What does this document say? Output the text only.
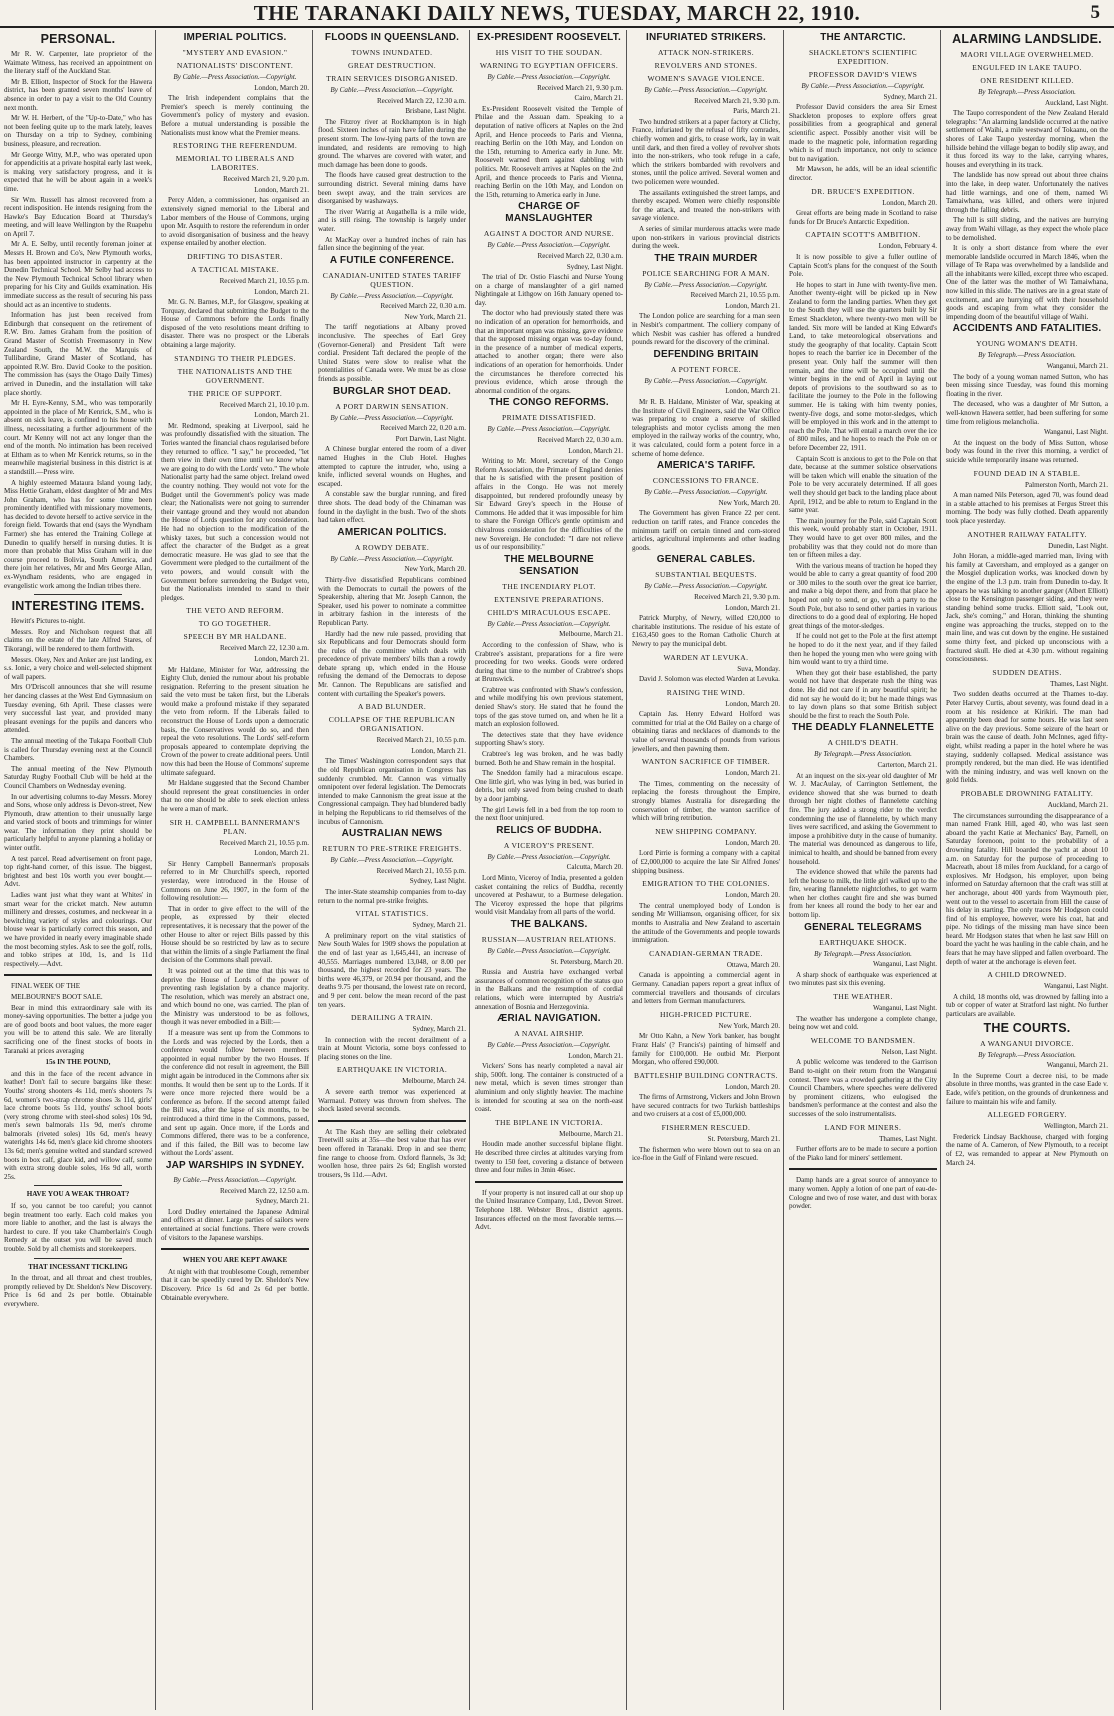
THE TARANAKI DAILY NEWS, TUESDAY, MARCH 22, 1910.	5
PERSONAL.

Mr R. W. Carpenter, late proprietor of the Waimate Witness, has received an appointment on the literary staff of the Auckland Star.

Mr B. Elliott, Inspector of Stock for the Hawera district, has been granted seven months' leave of absence in order to pay a visit to the Old Country next month.

Mr W. H. Herbert, of the "Up-to-Date," who has not been feeling quite up to the mark lately, leaves on Thursday on a trip to Sydney, combining business, pleasure, and recreation.

Mr George Witty, M.P., who was operated upon for appendicitis at a private hospital early last week, is making very satisfactory progress, and it is expected that he will be about again in a week's time.

Sir Wm. Russell has almost recovered from a recent indisposition. He intends resigning from the Hawke's Bay Education Board at Thursday's meeting, and will leave Wellington by the Ruapehu on April 7.

Mr A. E. Selby, until recently foreman joiner at Messrs H. Brown and Co's, New Plymouth works, has been appointed instructor in carpentry at the Dunedin Technical School. Mr Selby had access to the New Plymouth Technical School library when preparing for his City and Guilds examination. His immediate success as the result of securing his pass should act as an incentive to students.

Information has just been received from Edinburgh that consequent on the retirement of R.W. Bro. James Graham from the position of Grand Master of Scottish Freemasonry in New Zealand South, the M.W. the Marquis of Tullibardine, Grand Master of Scotland, has appointed R.W. Bro. David Cooke to the position. The commission has (says the Otago Daily Times) arrived in Dunedin, and the installation will take place shortly.

Mr H. Eyre-Kenny, S.M., who was temporarily appointed in the place of Mr Kenrick, S.M., who is absent on sick leave, is confined to his house with illness, necessitating a further adjournment of the court. Mr Kenny will not act any longer than the end of the month. No intimation has been received at Eltham as to when Mr Kenrick returns, so in the meanwhile magisterial business in this district is at a standstill.—Press wire.

A highly esteemed Mataura Island young lady, Miss Hettie Graham, eldest daughter of Mr and Mrs John Graham, who has for some time been prominently identified with missionary movements, has decided to devote herself to active service in the foreign field. Towards that end (says the Wyndham Farmer) she has entered the Training College at Dunedin to qualify herself in nursing duties. It is more than probable that Miss Graham will in due course proceed to Bolivia, South America, and there join her relatives, Mr and Mrs George Allan, ex-Wyndham residents, who are engaged in evangelistic work among the Indian tribes there.

INTERESTING ITEMS.

Hewitt's Pictures to-night.

Messrs. Roy and Nicholson request that all claims on the estate of the late Alfred Stares, of Tikorangi, will be rendered to them forthwith.

Messrs. Okey, Nex and Anker are just landing, ex s.s. Ionic, a very choice and well-selected shipment of wall papers.

Mrs O'Driscoll announces that she will resume her dancing classes at the West End Gymnasium on Tuesday evening, 6th April. These classes were very successful last year, and provided many pleasant evenings for the pupils and dancers who attended.

The annual meeting of the Tukapa Football Club is called for Thursday evening next at the Council Chambers.

The annual meeting of the New Plymouth Saturday Rugby Football Club will be held at the Council Chambers on Wednesday evening.

In our advertising columns to-day Messrs. Morey and Sons, whose only address is Devon-street, New Plymouth, draw attention to their unusually large and varied stock of boots and trimmings for winter wear. The information they print should be particularly helpful to anyone planning a holiday or winter outfit.

A test parcel. Read advertisement on front page, top right-hand corner, of this issue. The biggest, brightest and best 10s worth you ever bought.—Advt.

Ladies want just what they want at Whites' in smart wear for the cricket match. New autumn millinery and dresses, costumes, and neckwear in a bewitching variety of styles and colourings. Our blouse wear is particularly correct this season, and we have provided in nearly every imaginable shade the most becoming styles. Ask to see the golf, rolls, and tobko stripes at 10d, 1s, and 1s 11d respectively.—Advt.

FINAL WEEK OF THE

MELBOURNE'S BOOT SALE.

Bear in mind this extraordinary sale with its money-saving opportunities. The better a judge you are of good boots and boot values, the more eager you will be to attend this sale. We are literally sacrificing one of the finest stocks of boots in Taranaki at prices averaging

15s IN THE POUND,

and this in the face of the recent advance in leather! Don't fail to secure bargains like these: Youths' strong shooters 4s 11d, men's shooters 7s 6d, women's two-strap chrome shoes 3s 11d, girls' lace chrome boots 5s 11d, youths' school boots (very strong chrome with steel-shod soles) 10s 9d, men's sewn balmorals 11s 9d, men's chrome balmorals (riveted soles) 10s 6d, men's heavy waterights 14s 6d, men's glace kid chrome shooters 13s 6d; men's genuine welted and standard screwed boots in box calf, glace kid, and willow calf, some with extra strong double soles, 16s 9d all, worth 25s.

HAVE YOU A WEAK THROAT?

If so, you cannot be too careful; you cannot begin treatment too early. Each cold makes you more liable to another, and the last is always the hardest to cure. If you take Chamberlain's Cough Remedy at the outset you will be saved much trouble. Sold by all chemists and storekeepers.

THAT INCESSANT TICKLING

In the throat, and all throat and chest troubles, promptly relieved by Dr. Sheldon's New Discovery. Price 1s 6d and 2s per bottle. Obtainable everywhere.

IMPERIAL POLITICS.
"MYSTERY AND EVASION."
NATIONALISTS' DISCONTENT.

By Cable.—Press Association.—Copyright.

London, March 20.

The Irish independent complains that the Premier's speech is merely continuing the Government's policy of mystery and evasion. Before a mutual understanding is possible the Nationalists must know what the Premier means.

RESTORING THE REFERENDUM.
MEMORIAL TO LIBERALS AND LABORITES.

Received March 21, 9.20 p.m.

London, March 21.

Percy Alden, a commissioner, has organised an extensively signed memorial to the Liberal and Labor members of the House of Commons, urging upon Mr. Asquith to restore the referendum in order to avoid disorganisation of business and the heavy expense entailed by another election.

DRIFTING TO DISASTER.
A TACTICAL MISTAKE.

Received March 21, 10.55 p.m.

London, March 21.

Mr. G. N. Barnes, M.P., for Glasgow, speaking at Torquay, declared that submitting the Budget to the House of Commons before the Lords finally disposed of the veto resolutions meant drifting to disaster. There was no prospect or the Liberals obtaining a large majority.

STANDING TO THEIR PLEDGES.
THE NATIONALISTS AND THE GOVERNMENT.
THE PRICE OF SUPPORT.

Received March 21, 10.10 p.m.

London, March 21.

Mr. Redmond, speaking at Liverpool, said he was profoundly dissatisfied with the situation. The Tories wanted the financial chaos regularised before they returned to office. "I say," he proceeded, "let them view in their own time until we know what we are going to do with the Lords' veto." The whole Nationalist party had the same object. Ireland owed the country nothing. They would not vote for the Budget until the Government's policy was made clear; the Nationalists were not going to surrender their vantage ground and they would not abandon the House of Lords question for any consideration. He had no objection to the modification of the whisky taxes, but such a concession would not affect the character of the Budget as a great democratic measure. He was glad to see that the Government were pledged to the curtailment of the veto powers, and would consult with the Government before surrendering the Budget veto, but the Nationalists intended to stand to their pledges.

THE VETO AND REFORM.
TO GO TOGETHER.
SPEECH BY MR HALDANE.

Received March 22, 12.30 a.m.

London, March 21.

Mr Haldane, Minister for War, addressing the Eighty Club, denied the rumour about his probable resignation. Referring to the present situation he said the veto must be taken first, but the Liberals would make a profound mistake if they separated the veto from reform. If the Liberals failed to reconstruct the House of Lords upon a democratic basis, the Conservatives would do so, and then repeal the veto resolutions. The Lords' self-reform proposals appeared to contemplate depriving the Crown of the power to create additional peers. Until now this had been the House of Commons' supreme ultimate safeguard.

Mr Haldane suggested that the Second Chamber should represent the great constituencies in order that no one should be able to seek election unless he were a man of mark.

SIR H. CAMPBELL BANNERMAN'S PLAN.

Received March 21, 10.55 p.m.

London, March 21.

Sir Henry Campbell Bannerman's proposals referred to in Mr Churchill's speech, reported yesterday, were introduced in the House of Commons on June 26, 1907, in the form of the following resolution:—

That in order to give effect to the will of the people, as expressed by their elected representatives, it is necessary that the power of the other House to alter or reject Bills passed by this House should be so restricted by law as to secure that within the limits of a single Parliament the final decision of the Commons shall prevail.

It was pointed out at the time that this was to deprive the House of Lords of the power of preventing rash legislation by a chance majority. The resolution, which was merely an abstract one, and which bound no one, was carried. The plan of the Ministry was understood to be as follows, though it was never embodied in a Bill:—

If a measure was sent up from the Commons to the Lords and was rejected by the Lords, then a conference would follow between members appointed in equal number by the two Houses. If the conference did not result in agreement, the Bill might again be introduced in the Commons after six months. It would then be sent up to the Lords. If it were once more rejected there would be a conference as before. If the second attempt failed the Bill was, after the lapse of six months, to be reintroduced a third time in the Commons, passed, and sent up again. Once more, if the Lords and Commons differed, there was to be a conference, and if this failed, the Bill was to become law without the Lords' assent.

JAP WARSHIPS IN SYDNEY.

By Cable.—Press Association.—Copyright.

Received March 22, 12.50 a.m.

Sydney, March 21.

Lord Dudley entertained the Japanese Admiral and officers at dinner. Large parties of sailors were entertained at social functions. There were crowds of visitors to the Japanese warships.

WHEN YOU ARE KEPT AWAKE

At night with that troublesome Cough, remember that it can be speedily cured by Dr. Sheldon's New Discovery. Price 1s 6d and 2s 6d per bottle. Obtainable everywhere.

FLOODS IN QUEENSLAND.
TOWNS INUNDATED.
GREAT DESTRUCTION.
TRAIN SERVICES DISORGANISED.

By Cable.—Press Association.—Copyright.

Received March 22, 12.30 a.m.

Brisbane, Last Night.

The Fitzroy river at Rockhampton is in high flood. Sixteen inches of rain have fallen during the present storm. The low-lying parts of the town are inundated, and residents are removing to high ground. The wharves are covered with water, and much damage has been done to goods.

The floods have caused great destruction to the surrounding district. Several mining dams have been swept away, and the train services are disorganised by washaways.

The river Warrig at Augathella is a mile wide, and is still rising. The township is largely under water.

At MacKay over a hundred inches of rain has fallen since the beginning of the year.

A FUTILE CONFERENCE.
CANADIAN-UNITED STATES TARIFF QUESTION.

By Cable.—Press Association.—Copyright.

Received March 22, 0.30 a.m.

New York, March 21.

The tariff negotiations at Albany proved inconclusive. The speeches of Earl Grey (Governor-General) and President Taft were cordial. President Taft declared the people of the United States were slow to realise what the potentialities of Canada were. We must be as close friends as possible.

BURGLAR SHOT DEAD.
A PORT DARWIN SENSATION.

By Cable.—Press Association.—Copyright.

Received March 22, 0.20 a.m.

Port Darwin, Last Night.

A Chinese burglar entered the room of a diver named Hughes in the Club Hotel. Hughes attempted to capture the intruder, who, using a knife, inflicted several wounds on Hughes, and escaped.

A constable saw the burglar running, and fired three shots. The dead body of the Chinaman was found in the daylight in the bush. Two of the shots had taken effect.

AMERICAN POLITICS.
A ROWDY DEBATE.

By Cable.—Press Association.—Copyright.

New York, March 20.

Thirty-five dissatisfied Republicans combined with the Democrats to curtail the powers of the Speakership, altering that Mr. Joseph Cannon, the Speaker, used his power to nominate a committee in arbitrary fashion in the interests of the Republican Party.

Hardly had the new rule passed, providing that six Republicans and four Democrats should form the rules of the committee which deals with precedence of private members' bills than a rowdy debate sprang up, which ended in the House refusing the demand of the Democrats to depose Mr. Cannon. The Republicans are satisfied and content with curtailing the Speaker's powers.

A BAD BLUNDER.
COLLAPSE OF THE REPUBLICAN ORGANISATION.

Received March 21, 10.55 p.m.

London, March 21.

The Times' Washington correspondent says that the old Republican organisation in Congress has suddenly crumbled. Mr. Cannon was virtually omnipotent over federal legislation. The Democrats intended to make Cannonism the great issue at the Congressional campaign. They had blundered badly in helping the Republicans to rid themselves of the incubus of Cannonism.

AUSTRALIAN NEWS
RETURN TO PRE-STRIKE FREIGHTS.

By Cable.—Press Association.—Copyright.

Received March 21, 10.55 p.m.

Sydney, Last Night.

The inter-State steamship companies from to-day return to the normal pre-strike freights.

VITAL STATISTICS.

Sydney, March 21.

A preliminary report on the vital statistics of New South Wales for 1909 shows the population at the end of last year as 1,645,441, an increase of 40,555. Marriages numbered 13,048, or 8.00 per thousand, the highest recorded for 23 years. The births were 46,379, or 20.94 per thousand, and the deaths 9.75 per thousand, the lowest rate on record, and 9 per cent. below the mean record of the past ten years.

DERAILING A TRAIN.

Sydney, March 21.

In connection with the recent derailment of a train at Mount Victoria, some boys confessed to placing stones on the line.

EARTHQUAKE IN VICTORIA.

Melbourne, March 24.

A severe earth tremor was experienced at Warrnaul. Pottery was thrown from shelves. The shock lasted several seconds.

At The Kash they are selling their celebrated Treetwill suits at 35s—the best value that has ever been offered in Taranaki. Drop in and see them; fine range to choose from. Oxford flannels, 3s 3d; woollen hose, three pairs 2s 6d; English worsted trousers, 9s 11d.—Advt.

EX-PRESIDENT ROOSEVELT.
HIS VISIT TO THE SOUDAN.
WARNING TO EGYPTIAN OFFICERS.

By Cable.—Press Association.—Copyright.

Received March 21, 9.30 p.m.

Cairo, March 21.

Ex-President Roosevelt visited the Temple of Philae and the Assuan dam. Speaking to a deputation of native officers at Naples on the 2nd April, and Hence proceeds to Paris and Vienna, reaching Berlin on the 10th May, and London on the 15th, returning to America early in June. Mr. Roosevelt warned them against dabbling with politics. Mr. Roosevelt arrives at Naples on the 2nd April, and thence proceeds to Paris and Vienna, reaching Berlin on the 10th May, and London on the 15th, returning to America early in June.

CHARGE OF MANSLAUGHTER
AGAINST A DOCTOR AND NURSE.

By Cable.—Press Association.—Copyright.

Received March 22, 0.30 a.m.

Sydney, Last Night.

The trial of Dr. Ostio Fiaschi and Nurse Young on a charge of manslaughter of a girl named Nightingale at Lithgow on 16th January opened to-day.

The doctor who had previously stated there was no indication of an operation for hemorrhoids, and that an important organ was missing, gave evidence that the supposed missing organ was to-day found, in the presence of a number of medical experts, attached to another organ; there were also indications of an operation for hemorrhoids. Under the circumstances he therefore corrected his previous evidence, which arose through the abnormal condition of the organs.

THE CONGO REFORMS.
PRIMATE DISSATISFIED.

By Cable.—Press Association.—Copyright.

Received March 22, 0.30 a.m.

London, March 21.

Writing to Mr. Morel, secretary of the Congo Reform Association, the Primate of England denies that he is satisfied with the present position of affairs in the Congo. He was not merely disappointed, but rendered profoundly uneasy by Sir Edward Grey's speech in the House of Commons. He added that it was impossible for him to share the Foreign Office's gentle optimism and chivalrous consideration for the difficulties of the new Sovereign. He concluded: "I dare not relieve us of our responsibility."

THE MELBOURNE SENSATION
THE INCENDIARY PLOT.
EXTENSIVE PREPARATIONS.
CHILD'S MIRACULOUS ESCAPE.

By Cable.—Press Association.—Copyright.

Melbourne, March 21.

According to the confession of Shaw, who is Crabtree's assistant, preparations for a fire were proceeding for two weeks. Goods were ordered during that time to the number of Crabtree's shops at Brunswick.

Crabtree was confronted with Shaw's confession, and while modifying his own previous statement, denied Shaw's story. He stated that he found the tops of the gas stove turned on, and when he lit a match an explosion followed.

The detectives state that they have evidence supporting Shaw's story.

Crabtree's leg was broken, and he was badly burned. Both he and Shaw remain in the hospital.

The Sneddon family had a miraculous escape. One little girl, who was lying in bed, was buried in debris, but only saved from being crushed to death by a door jambing.

The girl Lewis fell in a bed from the top room to the next floor uninjured.

RELICS OF BUDDHA.
A VICEROY'S PRESENT.

By Cable.—Press Association.—Copyright.

Calcutta, March 20.

Lord Minto, Viceroy of India, presented a golden casket containing the relics of Buddha, recently uncovered at Peshawur, to a Burmese delegation. The Viceroy expressed the hope that pilgrims would visit Mandalay from all parts of the world.

THE BALKANS.
RUSSIAN—AUSTRIAN RELATIONS.

By Cable.—Press Association.—Copyright.

St. Petersburg, March 20.

Russia and Austria have exchanged verbal assurances of common recognition of the status quo in the Balkans and the resumption of cordial relations, which were interrupted by Austria's annexation of Bosnia and Herzegovinia.

ÆRIAL NAVIGATION.
A NAVAL AIRSHIP.

By Cable.—Press Association.—Copyright.

London, March 21.

Vickers' Sons has nearly completed a naval air ship, 500ft. long. The container is constructed of a new metal, which is seven times stronger than aluminium and only slightly heavier. The machine is intended for scouting at sea on the north-east coast.

THE BIPLANE IN VICTORIA.

Melbourne, March 21.

Houdin made another successful biplane flight. He described three circles at altitudes varying from twenty to 150 feet, covering a distance of between three and four miles in 3min 46sec.

If your property is not insured call at our shop up the United Insurance Company, Ltd., Devon Street. Telephone 188. Webster Bros., district agents. Insurances effected on the most favorable terms.—Advt.

INFURIATED STRIKERS.
ATTACK NON-STRIKERS.
REVOLVERS AND STONES.
WOMEN'S SAVAGE VIOLENCE.

By Cable.—Press Association.—Copyright.

Received March 21, 9.30 p.m.

Paris, March 21.

Two hundred strikers at a paper factory at Clichy, France, infuriated by the refusal of fifty comrades, chiefly women and girls, to cease work, lay in wait until dark, and then fired a volley of revolver shots into the non-strikers, who took refuge in a cafe, which the strikers bombarded with revolvers and stones, until the police arrived. Several women and two policemen were wounded.

The assailants extinguished the street lamps, and thereby escaped. Women were chiefly responsible for the attack, and treated the non-strikers with savage violence.

A series of similar murderous attacks were made upon non-strikers in various provincial districts during the week.

THE TRAIN MURDER
POLICE SEARCHING FOR A MAN.

By Cable.—Press Association.—Copyright.

Received March 21, 10.55 p.m.

London, March 21.

The London police are searching for a man seen in Nesbit's compartment. The colliery company of which Nesbit was cashier has offered a hundred pounds reward for the discovery of the criminal.

DEFENDING BRITAIN
A POTENT FORCE.

By Cable.—Press Association.—Copyright.

London, March 21.

Mr R. B. Haldane, Minister of War, speaking at the Institute of Civil Engineers, said the War Office was preparing to create a reserve of skilled telegraphists and motor cyclists among the men employed in the railway works of the country, who, it was calculated, could form a potent force in a scheme of home defence.

AMERICA'S TARIFF.
CONCESSIONS TO FRANCE.

By Cable.—Press Association.—Copyright.

New York, March 20.

The Government has given France 22 per cent. reduction on tariff rates, and France concedes the minimum tariff on certain tinned and corn-stored articles, agricultural implements and other leading goods.

GENERAL CABLES.
SUBSTANTIAL BEQUESTS.

By Cable.—Press Association.—Copyright.

Received March 21, 9.30 p.m.

London, March 21.

Patrick Murphy, of Newry, willed £20,000 to charitable institutions. The residue of his estate of £163,450 goes to the Roman Catholic Church at Newry to pay the municipal debt.

WARDEN AT LEVUKA.

Suva, Monday.

David J. Solomon was elected Warden at Levuka.

RAISING THE WIND.

London, March 20.

Captain Jas. Henry Edward Holford was committed for trial at the Old Bailey on a charge of obtaining tiaras and necklaces of diamonds to the value of several thousands of pounds from various jewellers, and then pawning them.

WANTON SACRIFICE OF TIMBER.

London, March 21.

The Times, commenting on the necessity of replacing the forests throughout the Empire, strongly blames Australia for disregarding the conservation of timber, the wanton sacrifice of which will bring retribution.

NEW SHIPPING COMPANY.

London, March 20.

Lord Pirrie is forming a company with a capital of £2,000,000 to acquire the late Sir Alfred Jones' shipping business.

EMIGRATION TO THE COLONIES.

London, March 20.

The central unemployed body of London is sending Mr Williamson, organising officer, for six months to Australia and New Zealand to ascertain the attitude of the Governments and people towards immigration.

CANADIAN-GERMAN TRADE.

Ottawa, March 20.

Canada is appointing a commercial agent in Germany. Canadian papers report a great influx of commercial travellers and thousands of circulars and letters from German manufacturers.

HIGH-PRICED PICTURE.

New York, March 20.

Mr Otto Kahn, a New York banker, has bought Franz Hals' (? Francis's) painting of himself and family for £100,000. He outbid Mr. Pierpont Morgan, who offered £90,000.

BATTLESHIP BUILDING CONTRACTS.

London, March 20.

The firms of Armstrong, Vickers and John Brown have secured contracts for two Turkish battleships and two cruisers at a cost of £5,000,000.

FISHERMEN RESCUED.

St. Petersburg, March 21.

The fishermen who were blown out to sea on an ice-floe in the Gulf of Finland were rescued.

THE ANTARCTIC.
SHACKLETON'S SCIENTIFIC EXPEDITION.
PROFESSOR DAVID'S VIEWS

By Cable.—Press Association.—Copyright.

Sydney, March 21.

Professor David considers the area Sir Ernest Shackleton proposes to explore offers great possibilities from a geographical and general scientific aspect. Possibly another visit will be made to the magnetic pole, information regarding which is of much importance, not only to science but to navigation.

Mr Mawson, he adds, will be an ideal scientific director.

DR. BRUCE'S EXPEDITION.

London, March 20.

Great efforts are being made in Scotland to raise funds for Dr Bruce's Antarctic Expedition.

CAPTAIN SCOTT'S AMBITION.

London, February 4.

It is now possible to give a fuller outline of Captain Scott's plans for the conquest of the South Pole.

He hopes to start in June with twenty-five men. Another twenty-eight will be picked up in New Zealand to form the landing parties. When they get to the South they will use the quarters built by Sir Ernest Shackleton, where twenty-two men will be landed. Six more will be landed at King Edward's Land, to take meteorological observations and study the geography of that locality. Captain Scott hopes to reach the barrier ice in December of the present year. Only half the summer will then remain, and the time will be occupied until the winter begins in the end of April in laying out depots of provisions to the southward so as to facilitate the journey to the Pole in the following summer. He is taking with him twenty ponies, twenty-five dogs, and some motor-sledges, which will be employed in this work and in the attempt to reach the Pole. That will entail a march over the ice of 800 miles, and he hopes to reach the Pole on or before December 22, 1911.

Captain Scott is anxious to get to the Pole on that date, because at the summer solstice observations will be taken which will enable the situation of the Pole to be very accurately determined. If all goes well they should get back to the landing place about April, 1912, and be able to return to England in the same year.

The main journey for the Pole, said Captain Scott this week, would probably start in October, 1911. They would have to get over 800 miles, and the probability was that they could not do more than ten or fifteen miles a day.

With the various means of traction he hoped they would be able to carry a great quantity of food 200 or 300 miles to the south over the great ice barrier, and make a big depot there, and from that place he hoped not only to send, or go, with a party to the South Pole, but also to send other parties in various directions to do a good deal of exploring. He hoped great things of the motor-sledges.

If he could not get to the Pole at the first attempt he hoped to do it the next year, and if they failed then he hoped the young men who were going with him would want to try a third time.

When they got their base established, the party would not have that desperate rush the thing was done. He did not care if in any beautiful spirit; he did not say he would do it; but he made things was to lay down plans so that some British subject should be the first to reach the South Pole.

THE DEADLY FLANNELETTE
A CHILD'S DEATH.

By Telegraph.—Press Association.

Carterton, March 21.

At an inquest on the six-year old daughter of Mr W. J. MacAulay, of Carrington Settlement, the evidence showed that she was burned to death through her night clothes of flannelette catching fire. The jury added a strong rider to the verdict condemning the use of flannelette, by which many lives were sacrificed, and asking the Government to impose a prohibitive duty in the cause of humanity. The material was denounced as dangerous to life, inimical to health, and should be banned from every household.

The evidence showed that while the parents had left the house to milk, the little girl walked up to the fire, wearing flannelette nightclothes, to get warm when her clothes caught fire and she was burned from her knees all round the body to her ear and bottom lip.

GENERAL TELEGRAMS
EARTHQUAKE SHOCK.

By Telegraph.—Press Association.

Wanganui, Last Night.

A sharp shock of earthquake was experienced at two minutes past six this evening.

THE WEATHER.

Wanganui, Last Night.

The weather has undergone a complete change, being now wet and cold.

WELCOME TO BANDSMEN.

Nelson, Last Night.

A public welcome was tendered to the Garrison Band to-night on their return from the Wanganui contest. There was a crowded gathering at the City Council Chambers, where speeches were delivered by prominent citizens, who eulogised the bandsmen's performance at the contest and also the successes of the solo instrumentalists.

LAND FOR MINERS.

Thames, Last Night.

Further efforts are to be made to secure a portion of the Piako land for miners' settlement.

Damp hands are a great source of annoyance to many women. Apply a lotion of one part of eau-de-Cologne and two of rose water, and dust with borax powder.

ALARMING LANDSLIDE.
MAORI VILLAGE OVERWHELMED.
ENGULFED IN LAKE TAUPO.
ONE RESIDENT KILLED.

By Telegraph.—Press Association.

Auckland, Last Night.

The Taupo correspondent of the New Zealand Herald telegraphs: "An alarming landslide occurred at the native settlement of Waihi, a mile westward of Tokaanu, on the shores of Lake Taupo yesterday morning, when the hillside behind the village began to bodily slip away, and it thus forced its way to the lake, carrying whares, houses and everything in its track.

The landslide has now spread out about three chains into the lake, in deep water. Unfortunately the natives had little warnings, and one of them, named Wi Tamaiwhana, was killed, and others were injured through the falling debris.

The hill is still sliding, and the natives are hurrying away from Waihi village, as they expect the whole place to be demolished.

It is only a short distance from where the ever memorable landslide occurred in March 1846, when the village of Te Rapa was overwhelmed by a landslide and all the inhabitants were killed, except three who escaped. One of the latter was the mother of Wi Tamaiwhana, now killed in this slide. The natives are in a great state of excitement, and are hurrying off with their household goods and escaping from what they consider the impending doom of the beautiful village of Waihi.

ACCIDENTS AND FATALITIES.
YOUNG WOMAN'S DEATH.

By Telegraph.—Press Association.

Wanganui, March 21.

The body of a young woman named Sutton, who has been missing since Tuesday, was found this morning floating in the river.

The deceased, who was a daughter of Mr Sutton, a well-known Hawera settler, had been suffering for some time from religious melancholia.

Wanganui, Last Night.

At the inquest on the body of Miss Sutton, whose body was found in the river this morning, a verdict of suicide while temporarily insane was returned.

FOUND DEAD IN A STABLE.

Palmerston North, March 21.

A man named Nils Peterson, aged 70, was found dead in a stable attached to his premises at Fergus Street this morning. The body was fully clothed. Death apparently took place yesterday.

ANOTHER RAILWAY FATALITY.

Dunedin, Last Night.

John Horan, a middle-aged married man, living with his family at Caversham, and employed as a ganger on the Mosgiel duplication works, was knocked down by the engine of the 1.3 p.m. train from Dunedin to-day. It appears he was talking to another ganger (Albert Elliott) close to the Kensington passenger siding, and they were standing behind some trucks. Elliott said, "Look out, Jack, she's coming," and Horan, thinking the shunting engine was approaching the trucks, stepped on to the main line, and was cut down by the engine. He sustained some thirty feet, and picked up unconscious with a fractured skull. He died at 4.30 p.m. without regaining consciousness.

SUDDEN DEATHS.

Thames, Last Night.

Two sudden deaths occurred at the Thames to-day. Peter Harvey Curtis, about seventy, was found dead in a room at his residence at Kirikiri. The man had apparently been dead for some hours. He was last seen alive on the day previous. Some seizure of the heart or brain was the cause of death. John McInnes, aged fifty-eight, whilst reading a paper in the hotel where he was staying, suddenly collapsed. Medical assistance was promptly rendered, but the man died. He was identified with the mining industry, and was well known on the gold fields.

PROBABLE DROWNING FATALITY.

Auckland, March 21.

The circumstances surrounding the disappearance of a man named Frank Hill, aged 40, who was last seen aboard the yacht Katie at Mechanics' Bay, Parnell, on Saturday forenoon, point to the probability of a drowning fatality. Hill boarded the yacht at about 10 a.m. on Saturday for the purpose of proceeding to Macreath, about 18 miles from Auckland, for a cargo of explosives. Mr Hodgson, his employer, upon being informed on Saturday afternoon that the craft was still at her anchorage, about 400 yards from Waymouth pier, went out to the vessel to ascertain from Hill the cause of his delay in starting. The only traces Mr Hodgson could find of his employee, however, were his coat, hat and pipe. No tidings of the missing man have since been heard. Mr Hodgson states that when he last saw Hill on board the yacht he was hauling in the cable chain, and he fears that he may have slipped and fallen overboard. The depth of water at the anchorage is eleven feet.

A CHILD DROWNED.

Wanganui, Last Night.

A child, 18 months old, was drowned by falling into a tub or copper of water at Stratford last night. No further particulars are available.

THE COURTS.
A WANGANUI DIVORCE.

By Telegraph.—Press Association.

Wanganui, March 21.

In the Supreme Court a decree nisi, to be made absolute in three months, was granted in the case Eade v. Eade, wife's petition, on the grounds of drunkenness and failure to maintain his wife and family.

ALLEGED FORGERY.

Wellington, March 21.

Frederick Lindsay Backhouse, charged with forging the name of A. Cameron, of New Plymouth, to a receipt of £2, was remanded to appear at New Plymouth on March 24.
